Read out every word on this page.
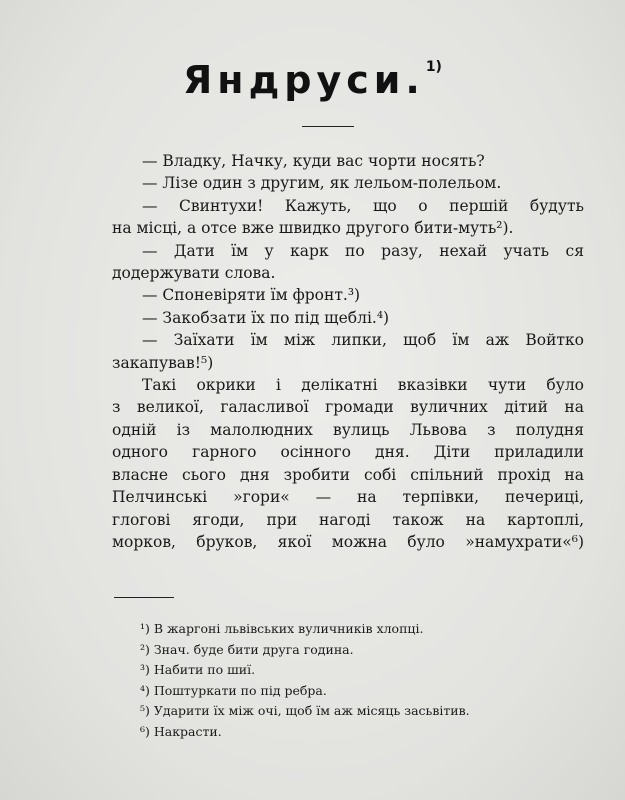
Яндруси.$^{1)}$
— Владку, Начку, куди вас чорти носять?
— Лізе один з другим, як лельом-полельом.
— Свинтухи! Кажуть, що о першій будуть
на місці, а отсе вже швидко другого бити-муть²).
— Дати їм у карк по разу, нехай учать ся
додержувати слова.
— Споневіряти їм фронт.³)
— Закобзати їх по під щеблі.⁴)
— Заїхати їм між липки, щоб їм аж Войтко
закапував!⁵)
Такі окрики і делікатні вказівки чути було
з великої, галасливої громади вуличних дітий на
одній із малолюдних вулиць Львова з полудня
одного гарного осінного дня. Діти приладили
власне сього дня зробити собі спільний прохід на
Пелчинські »гори« — на терпівки, печериці,
глогові ягоди, при нагоді також на картоплі,
морков, бруков, якої можна було »намухрати«⁶)
¹) В жаргоні львівських вуличників хлопці.
²) Знач. буде бити друга година.
³) Набити по шиї.
⁴) Поштуркати по під ребра.
⁵) Ударити їх між очі, щоб їм аж місяць засьвітив.
⁶) Накрасти.
